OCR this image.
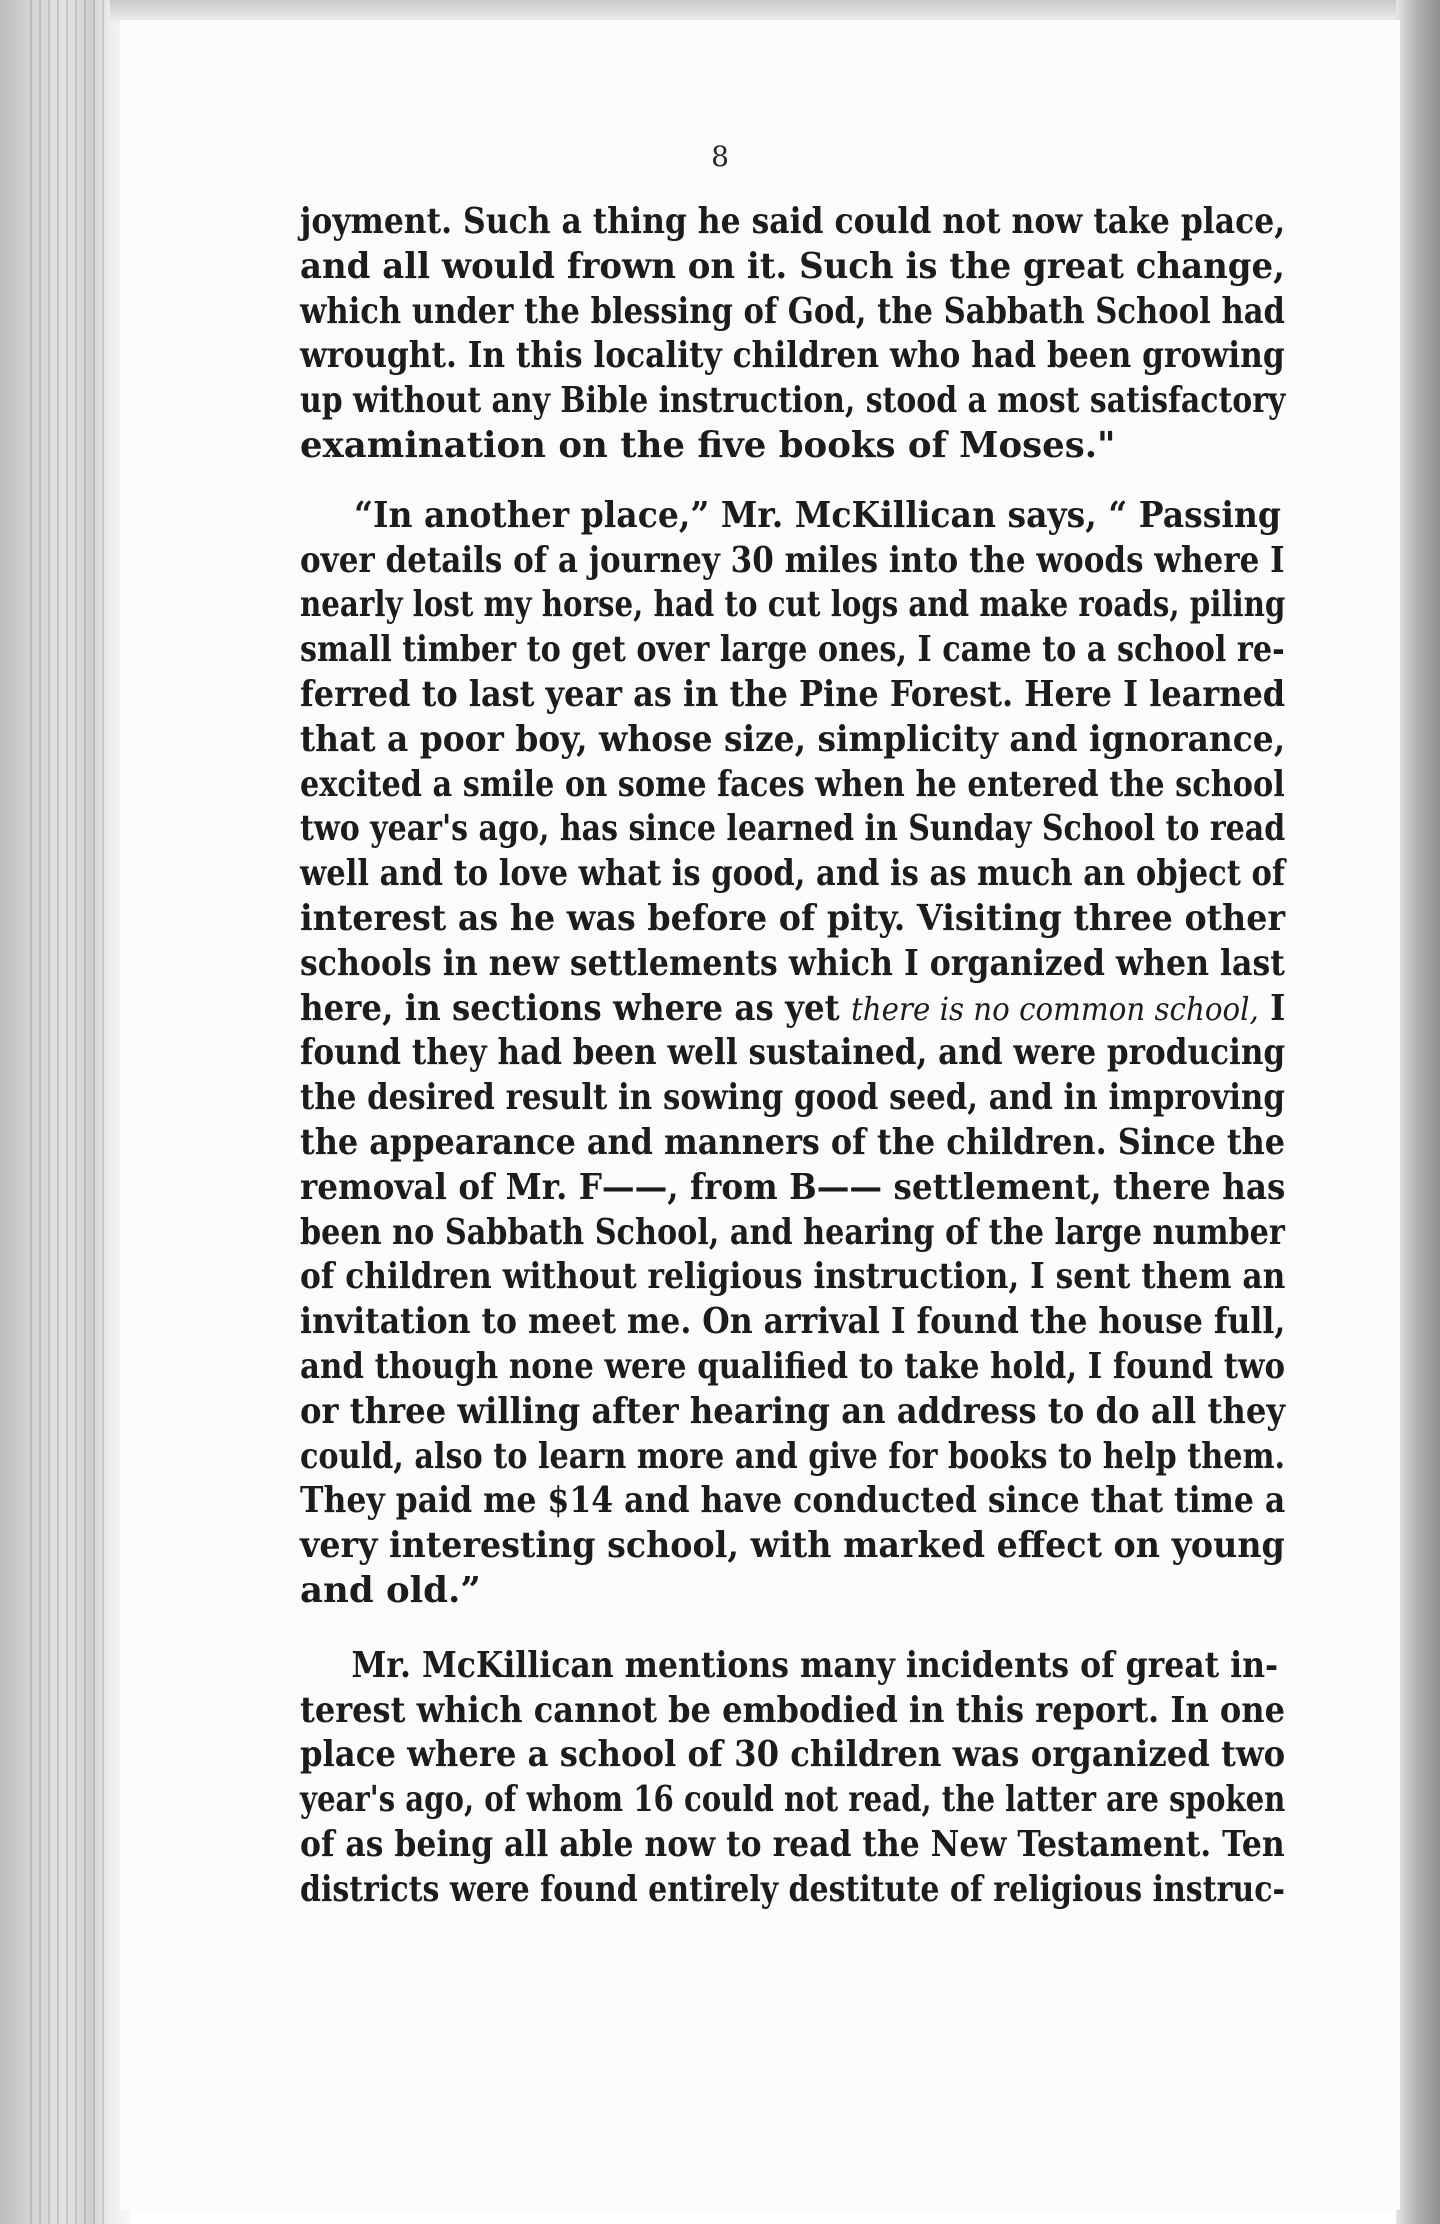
8

joyment. Such a thing he said could not now take place,
and all would frown on it. Such is the great change,
which under the blessing of God, the Sabbath School had
wrought. In this locality children who had been growing
up without any Bible instruction, stood a most satisfactory
examination on the five books of Moses."

“In another place,” Mr. McKillican says, “ Passing
over details of a journey 30 miles into the woods where I
nearly lost my horse, had to cut logs and make roads, piling
small timber to get over large ones, I came to a school re-
ferred to last year as in the Pine Forest. Here I learned
that a poor boy, whose size, simplicity and ignorance,
excited a smile on some faces when he entered the school
two year's ago, has since learned in Sunday School to read
well and to love what is good, and is as much an object of
interest as he was before of pity. Visiting three other
schools in new settlements which I organized when last
here, in sections where as yet there is no common school, I
found they had been well sustained, and were producing
the desired result in sowing good seed, and in improving
the appearance and manners of the children. Since the
removal of Mr. F——, from B—— settlement, there has
been no Sabbath School, and hearing of the large number
of children without religious instruction, I sent them an
invitation to meet me. On arrival I found the house full,
and though none were qualified to take hold, I found two
or three willing after hearing an address to do all they
could, also to learn more and give for books to help them.
They paid me $14 and have conducted since that time a
very interesting school, with marked effect on young
and old.”

Mr. McKillican mentions many incidents of great in-
terest which cannot be embodied in this report. In one
place where a school of 30 children was organized two
year's ago, of whom 16 could not read, the latter are spoken
of as being all able now to read the New Testament. Ten
districts were found entirely destitute of religious instruc-
